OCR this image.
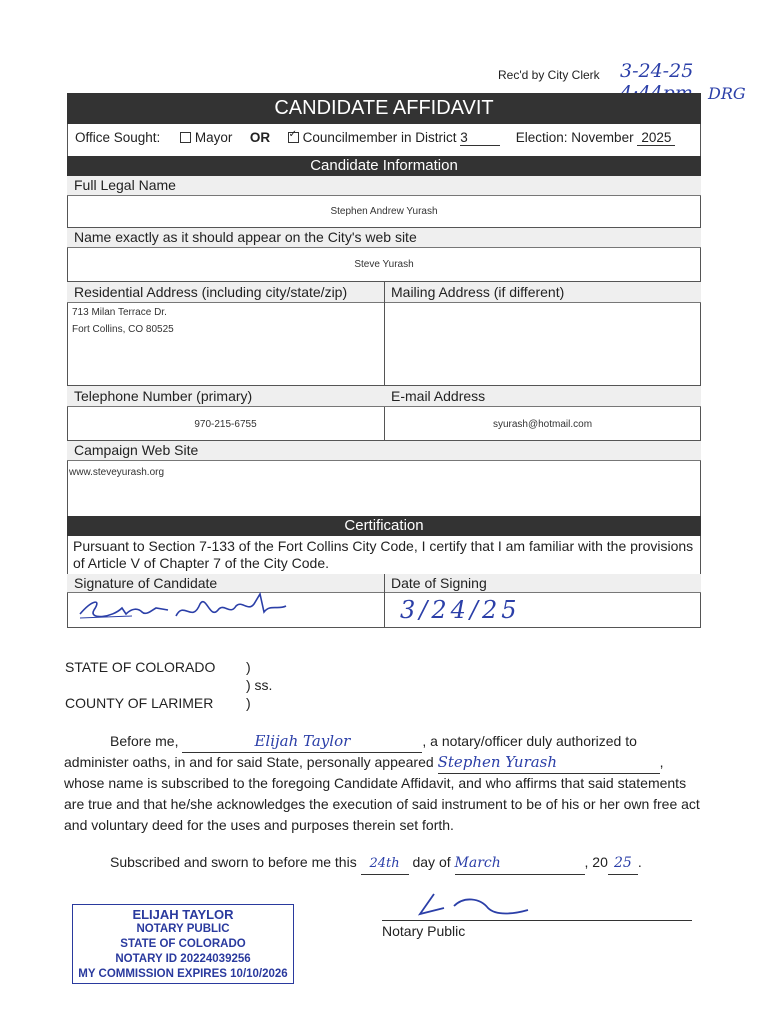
Rec'd by City Clerk 3-24-25
DRG
CANDIDATE AFFIDAVIT
Office Sought:	Mayor OR  ✓ Councilmember in District 3	Election: November 2025
Candidate Information
Full Legal Name
Stephen Andrew Yurash
Name exactly as it should appear on the City's web site
Steve Yurash
Residential Address (including city/state/zip)	Mailing Address (if different)
713 Milan Terrace Dr.
Fort Collins, CO 80525
Telephone Number (primary)	E-mail Address
970-215-6755	syurash@hotmail.com
Campaign Web Site
www.steveyurash.org
Certification
Pursuant to Section 7-133 of the Fort Collins City Code, I certify that I am familiar with the provisions of Article V of Chapter 7 of the City Code.
Signature of Candidate	Date of Signing
3/24/25
STATE OF COLORADO )
) ss.
COUNTY OF LARIMER )
Before me,	Elijah Taylor	, a notary/officer duly authorized to
administer oaths, in and for said State, personally appeared Stephen Yurash	,
whose name is subscribed to the foregoing Candidate Affidavit, and who affirms that said statements are true and that he/she acknowledges the execution of said instrument to be of his or her own free act and voluntary deed for the uses and purposes therein set forth.
Subscribed and sworn to before me this 24th day of March	, 20 25 .
ELIJAH TAYLOR
NOTARY PUBLIC
STATE OF COLORADO
NOTARY ID 20224039256
MY COMMISSION EXPIRES 10/10/2026
Notary Public
